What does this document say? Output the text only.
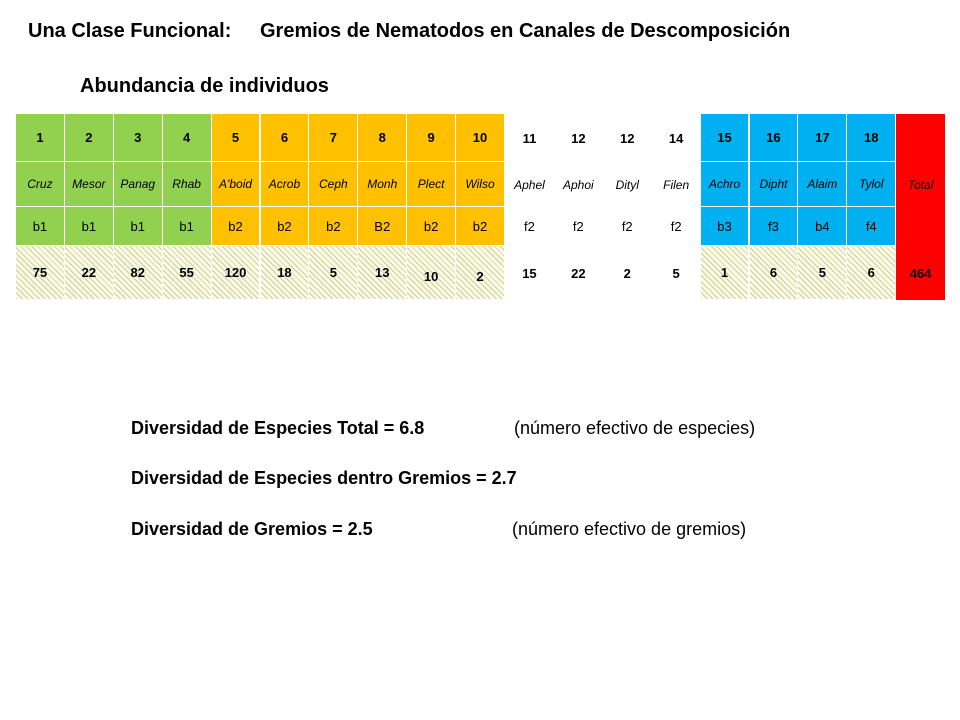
Una Clase Funcional: Gremios de Nematodos en Canales de Descomposición
Abundancia de individuos
1
Cruz
b1
75
2
Mesor
b1
22
3
Panag
b1
82
4
Rhab
b1
55
5
A'boid
b2
120
6
Acrob
b2
18
7
Ceph
b2
5
8
Monh
B2
13
9
Plect
b2
10
10
Wilso
b2
2
11
Aphel
f2
15
12
Aphoi
f2
22
12
Dityl
f2
2
14
Filen
f2
5
15
Achro
b3
1
16
Dipht
f3
6
17
Alaim
b4
5
18
Tylol
f4
6
Total
464
Diversidad de Especies Total = 6.8	(número efectivo de especies)
Diversidad de Especies dentro Gremios = 2.7
Diversidad de Gremios = 2.5	(número efectivo de gremios)
